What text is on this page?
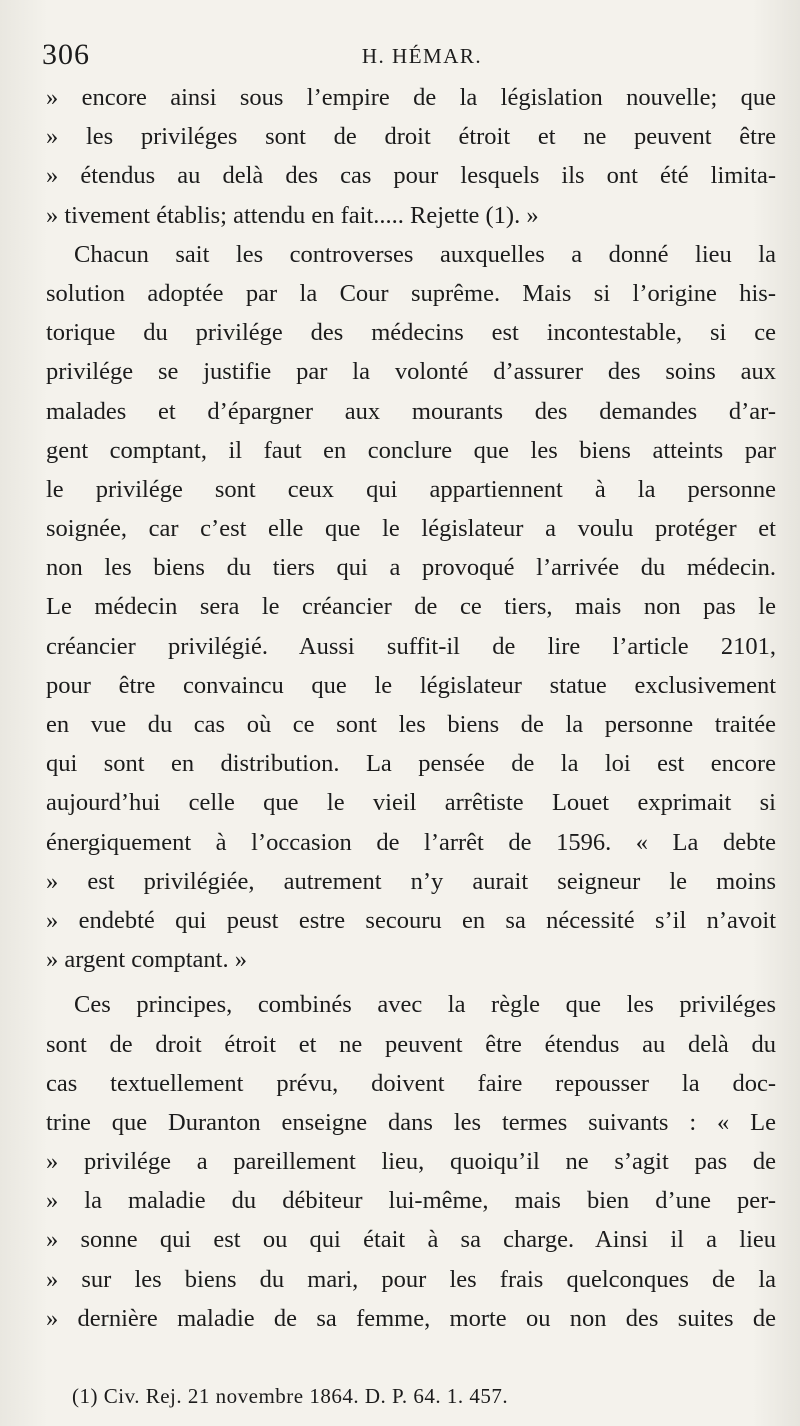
306	H. HÉMAR.
» encore ainsi sous l’empire de la législation nouvelle; que
» les priviléges sont de droit étroit et ne peuvent être
» étendus au delà des cas pour lesquels ils ont été limita-
» tivement établis; attendu en fait..... Rejette (1). »
Chacun sait les controverses auxquelles a donné lieu la
solution adoptée par la Cour suprême. Mais si l’origine his-
torique du privilége des médecins est incontestable, si ce
privilége se justifie par la volonté d’assurer des soins aux
malades et d’épargner aux mourants des demandes d’ar-
gent comptant, il faut en conclure que les biens atteints par
le privilége sont ceux qui appartiennent à la personne
soignée, car c’est elle que le législateur a voulu protéger et
non les biens du tiers qui a provoqué l’arrivée du médecin.
Le médecin sera le créancier de ce tiers, mais non pas le
créancier privilégié. Aussi suffit-il de lire l’article 2101,
pour être convaincu que le législateur statue exclusivement
en vue du cas où ce sont les biens de la personne traitée
qui sont en distribution. La pensée de la loi est encore
aujourd’hui celle que le vieil arrêtiste Louet exprimait si
énergiquement à l’occasion de l’arrêt de 1596. « La debte
» est privilégiée, autrement n’y aurait seigneur le moins
» endebté qui peust estre secouru en sa nécessité s’il n’avoit
» argent comptant. »
Ces principes, combinés avec la règle que les priviléges
sont de droit étroit et ne peuvent être étendus au delà du
cas textuellement prévu, doivent faire repousser la doc-
trine que Duranton enseigne dans les termes suivants : « Le
» privilége a pareillement lieu, quoiqu’il ne s’agit pas de
» la maladie du débiteur lui-même, mais bien d’une per-
» sonne qui est ou qui était à sa charge. Ainsi il a lieu
» sur les biens du mari, pour les frais quelconques de la
» dernière maladie de sa femme, morte ou non des suites de
(1) Civ. Rej. 21 novembre 1864. D. P. 64. 1. 457.
